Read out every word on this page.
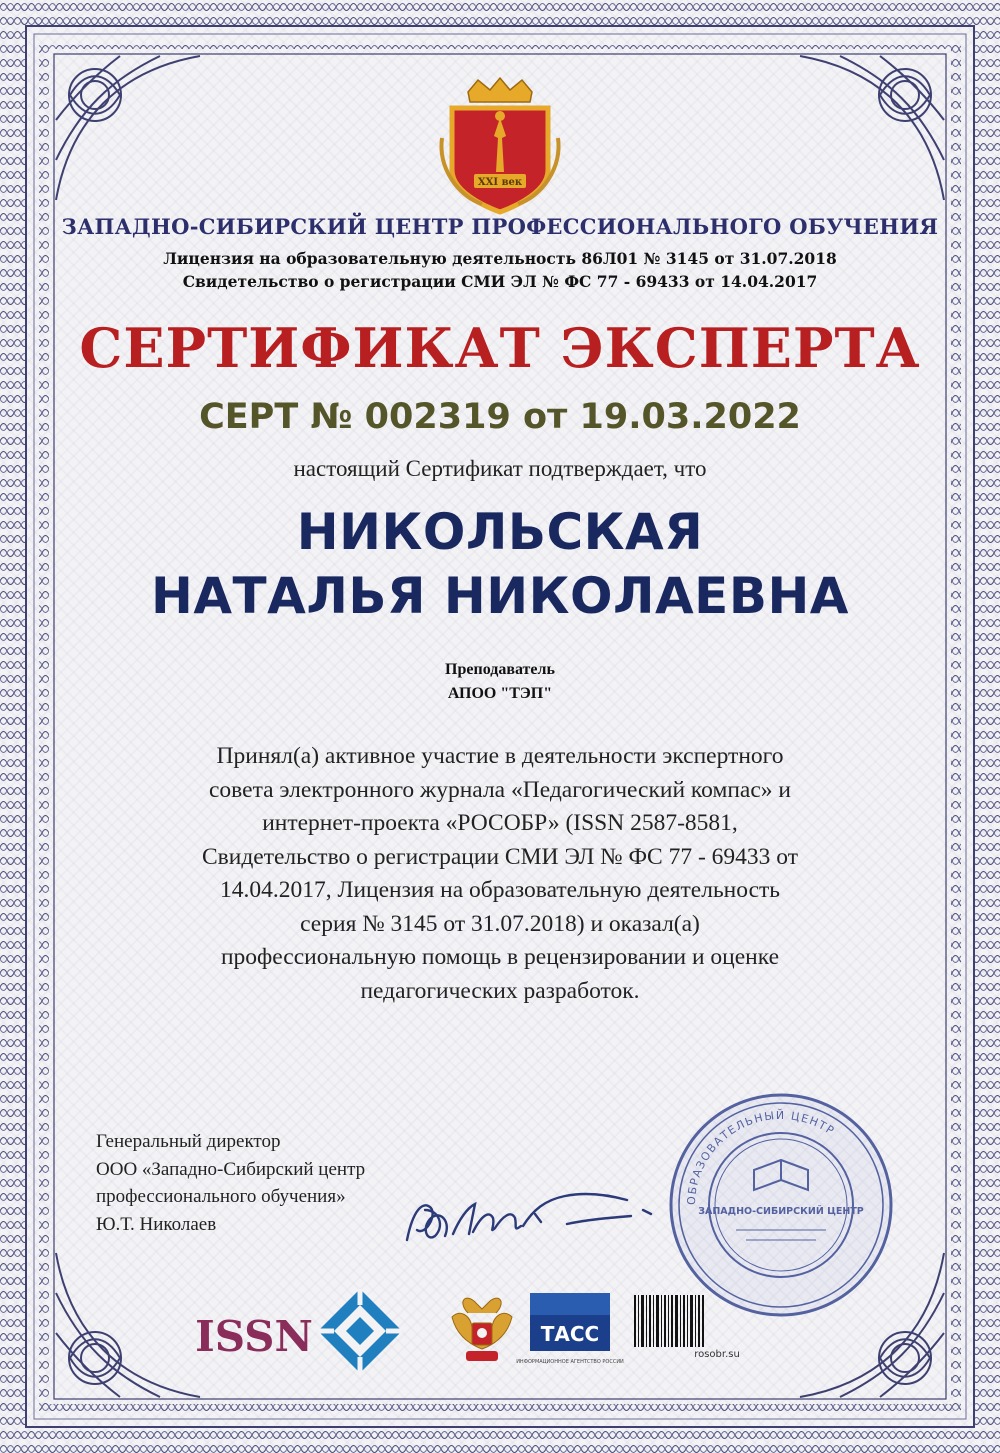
XXI век
ЗАПАДНО-СИБИРСКИЙ ЦЕНТР ПРОФЕССИОНАЛЬНОГО ОБУЧЕНИЯ
Лицензия на образовательную деятельность 86Л01 № 3145 от 31.07.2018
Свидетельство о регистрации СМИ ЭЛ № ФС 77 - 69433 от 14.04.2017
СЕРТИФИКАТ ЭКСПЕРТА
СЕРТ № 002319 от 19.03.2022
настоящий Сертификат подтверждает, что
НИКОЛЬСКАЯ
НАТАЛЬЯ НИКОЛАЕВНА
Преподаватель
АПОО "ТЭП"
Принял(а) активное участие в деятельности экспертного
совета электронного журнала «Педагогический компас» и
интернет-проекта «РОСОБР» (ISSN 2587-8581,
Свидетельство о регистрации СМИ ЭЛ № ФС 77 - 69433 от
14.04.2017, Лицензия на образовательную деятельность
серия № 3145 от 31.07.2018) и оказал(а)
профессиональную помощь в рецензировании и оценке
педагогических разработок.
Генеральный директор
ООО «Западно-Сибирский центр
профессионального обучения»
Ю.Т. Николаев
ОБРАЗОВАТЕЛЬНЫЙ ЦЕНТР
ЗАПАДНО-СИБИРСКИЙ ЦЕНТР
ISSN	ТАСС
ИНФОРМАЦИОННОЕ АГЕНТСТВО РОССИИ
rosobr.su
